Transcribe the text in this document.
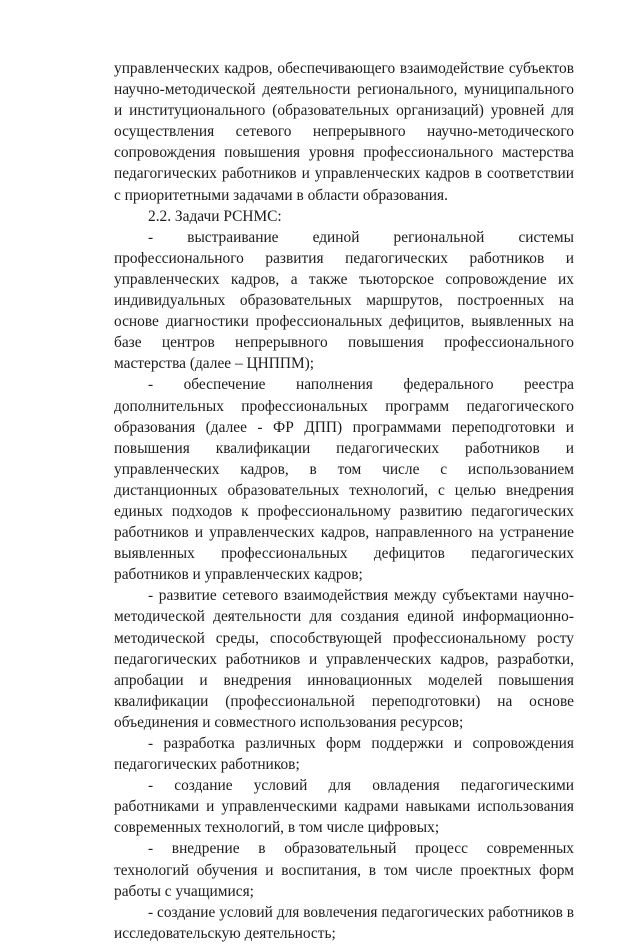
управленческих кадров, обеспечивающего взаимодействие субъектов научно-методической деятельности регионального, муниципального и институционального (образовательных организаций) уровней для осуществления сетевого непрерывного научно-методического сопровождения повышения уровня профессионального мастерства педагогических работников и управленческих кадров в соответствии с приоритетными задачами в области образования.

2.2. Задачи РСНМС:

- выстраивание единой региональной системы профессионального развития педагогических работников и управленческих кадров, а также тьюторское сопровождение их индивидуальных образовательных маршрутов, построенных на основе диагностики профессиональных дефицитов, выявленных на базе центров непрерывного повышения профессионального мастерства (далее – ЦНППМ);

- обеспечение наполнения федерального реестра дополнительных профессиональных программ педагогического образования (далее - ФР ДПП) программами переподготовки и повышения квалификации педагогических работников и управленческих кадров, в том числе с использованием дистанционных образовательных технологий, с целью внедрения единых подходов к профессиональному развитию педагогических работников и управленческих кадров, направленного на устранение выявленных профессиональных дефицитов педагогических работников и управленческих кадров;

- развитие сетевого взаимодействия между субъектами научно-методической деятельности для создания единой информационно-методической среды, способствующей профессиональному росту педагогических работников и управленческих кадров, разработки, апробации и внедрения инновационных моделей повышения квалификации (профессиональной переподготовки) на основе объединения и совместного использования ресурсов;

- разработка различных форм поддержки и сопровождения педагогических работников;

- создание условий для овладения педагогическими работниками и управленческими кадрами навыками использования современных технологий, в том числе цифровых;

- внедрение в образовательный процесс современных технологий обучения и воспитания, в том числе проектных форм работы с учащимися;

- создание условий для вовлечения педагогических работников в исследовательскую деятельность;
